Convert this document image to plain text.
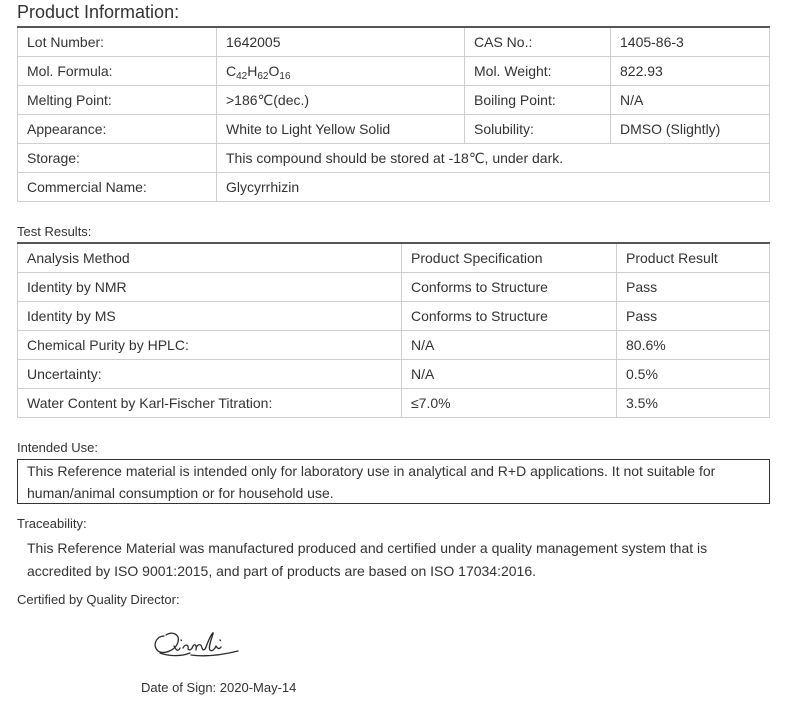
Product Information:
Lot Number:	1642005	CAS No.:	1405-86-3
Mol. Formula:	$C_{42}H_{62}O_{16}$	Mol. Weight:	822.93
Melting Point:	>186℃(dec.)	Boiling Point:	N/A
Appearance:	White to Light Yellow Solid	Solubility:	DMSO (Slightly)
Storage:	This compound should be stored at -18℃, under dark.		
Commercial Name:	Glycyrrhizin		
Test Results:
Analysis Method	Product Specification	Product Result
Identity by NMR	Conforms to Structure	Pass
Identity by MS	Conforms to Structure	Pass
Chemical Purity by HPLC:	N/A	80.6%
Uncertainty:	N/A	0.5%
Water Content by Karl-Fischer Titration:	≤7.0%	3.5%
Intended Use:
This Reference material is intended only for laboratory use in analytical and R+D applications. It not suitable for human/animal consumption or for household use.
Traceability:
This Reference Material was manufactured produced and certified under a quality management system that is accredited by ISO 9001:2015, and part of products are based on ISO 17034:2016.
Certified by Quality Director:
Date of Sign: 2020-May-14
